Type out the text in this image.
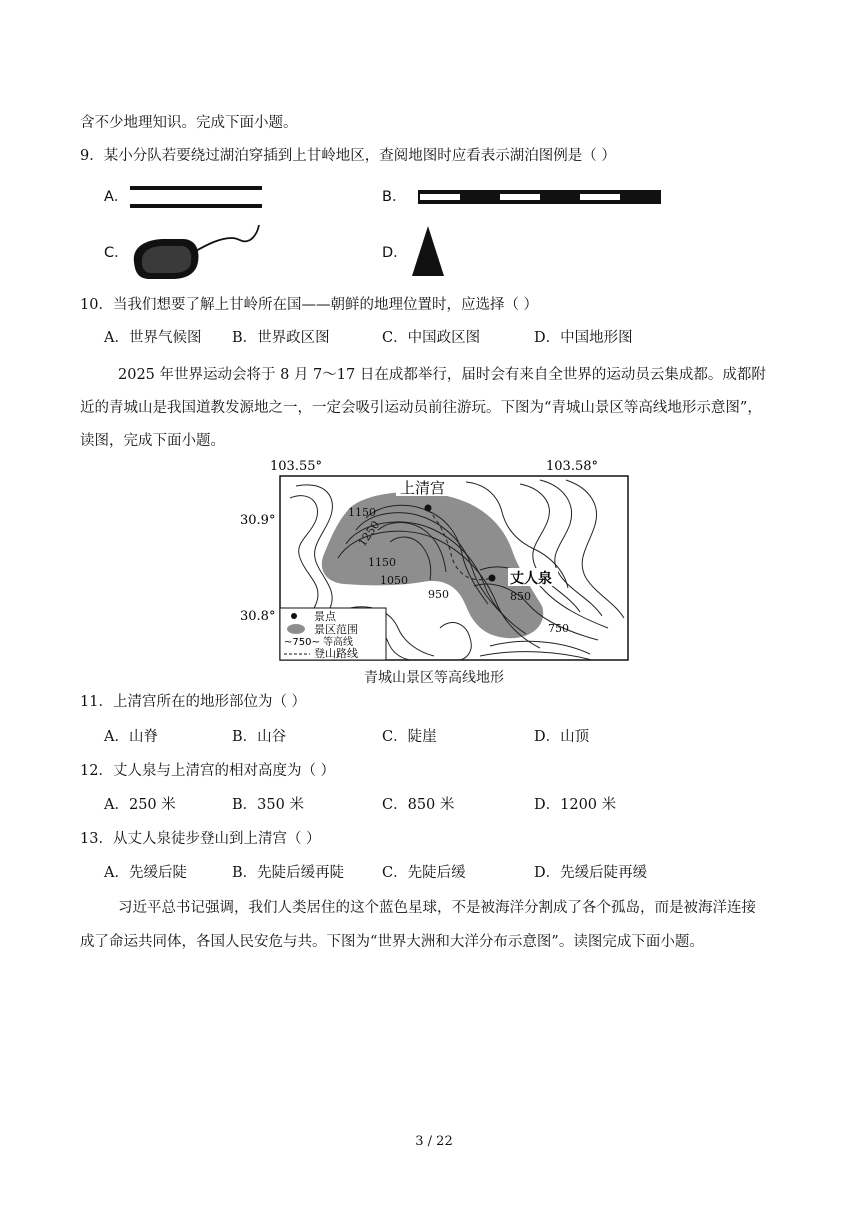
含不少地理知识。完成下面小题。
9．某小分队若要绕过湖泊穿插到上甘岭地区，查阅地图时应看表示湖泊图例是（ ）
A．	B．
C．	D．
10．当我们想要了解上甘岭所在国——朝鲜的地理位置时，应选择（ ）
A．世界气候图 B．世界政区图	C．中国政区图	D．中国地形图
2025 年世界运动会将于 8 月 7～17 日在成都举行，届时会有来自全世界的运动员云集成都。成都附
近的青城山是我国道教发源地之一，一定会吸引运动员前往游玩。下图为“青城山景区等高线地形示意图”，
读图，完成下面小题。
103.55°	103.58°
30.9°
30.8°
上清宫
丈人泉
1150
1250
1150
1050
950	850
750
景点
景区范围
~750~ 等高线
登山路线
青城山景区等高线地形
11．上清宫所在的地形部位为（ ）
A．山脊	B．山谷	C．陡崖	D．山顶
12．丈人泉与上清宫的相对高度为（ ）
A．250 米	B．350 米	C．850 米	D．1200 米
13．从丈人泉徒步登山到上清宫（ ）
A．先缓后陡	B．先陡后缓再陡	C．先陡后缓	D．先缓后陡再缓
习近平总书记强调，我们人类居住的这个蓝色星球，不是被海洋分割成了各个孤岛，而是被海洋连接
成了命运共同体，各国人民安危与共。下图为“世界大洲和大洋分布示意图”。读图完成下面小题。
3 / 22
